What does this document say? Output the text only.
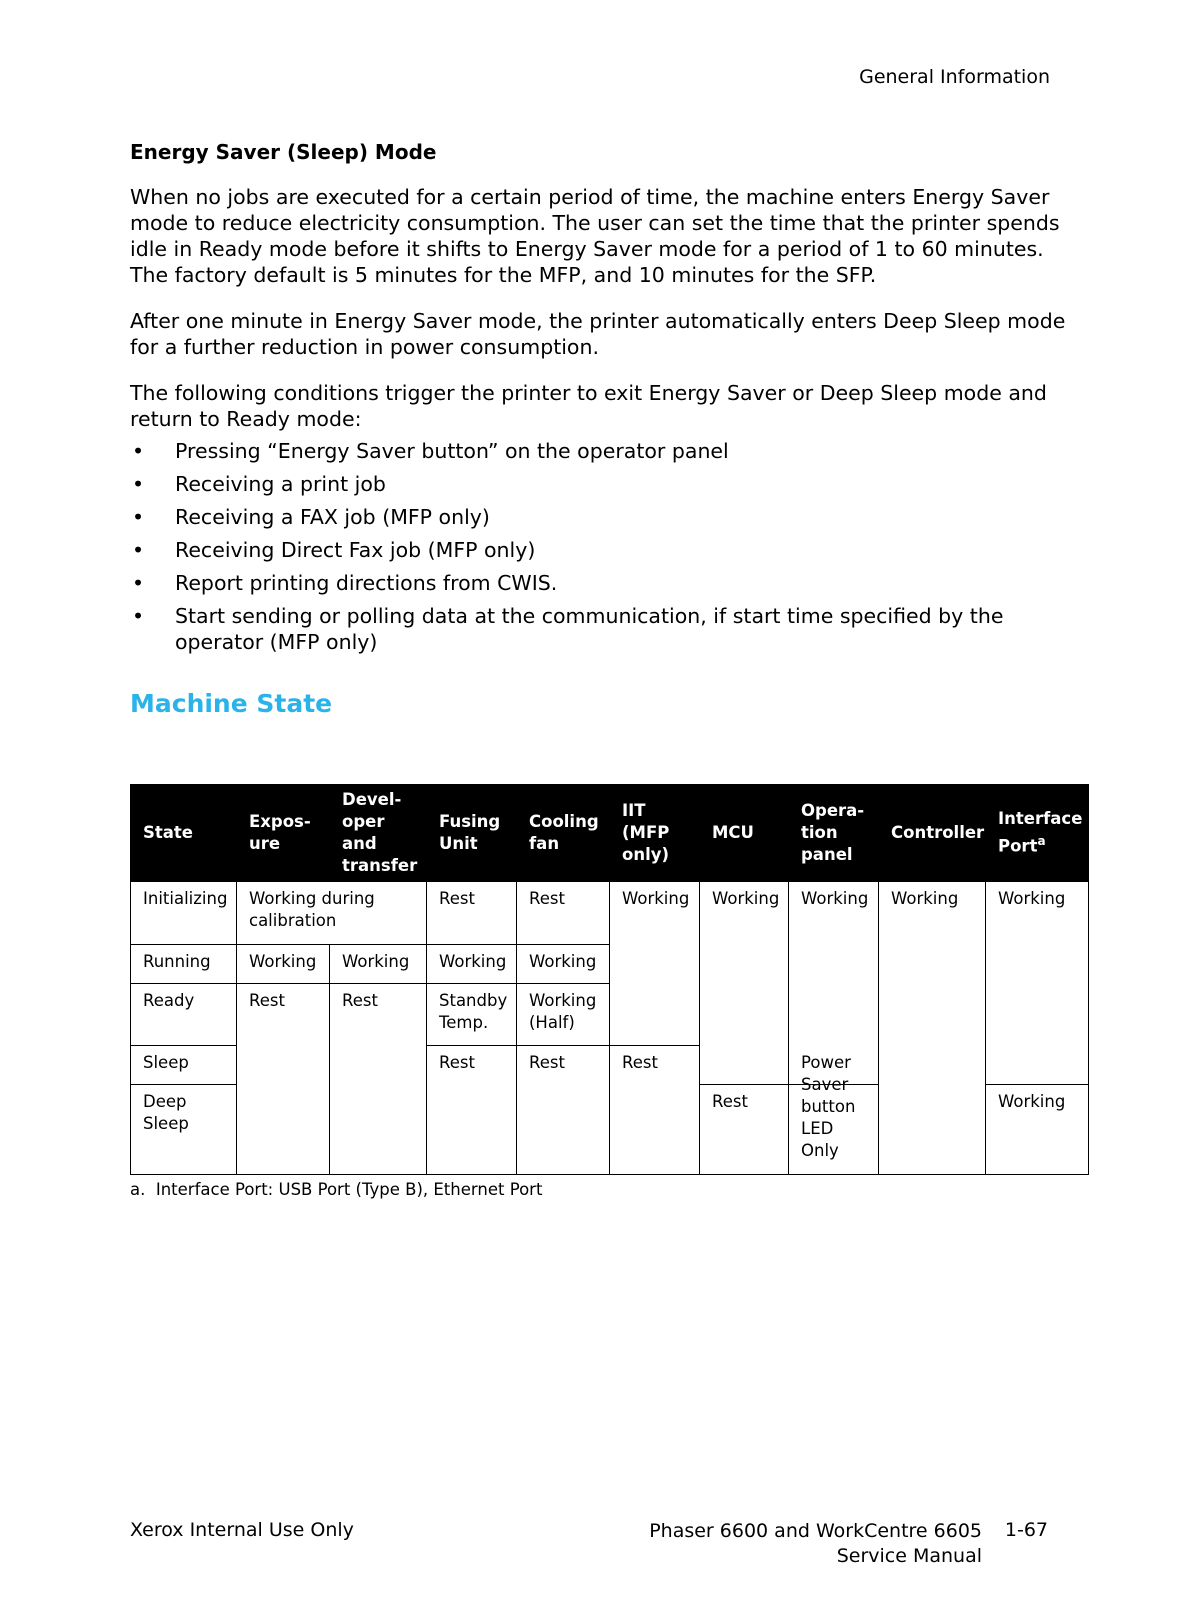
General Information
Energy Saver (Sleep) Mode

When no jobs are executed for a certain period of time, the machine enters Energy Saver mode to reduce electricity consumption. The user can set the time that the printer spends idle in Ready mode before it shifts to Energy Saver mode for a period of 1 to 60 minutes. The factory default is 5 minutes for the MFP, and 10 minutes for the SFP.

After one minute in Energy Saver mode, the printer automatically enters Deep Sleep mode for a further reduction in power consumption.

The following conditions trigger the printer to exit Energy Saver or Deep Sleep mode and return to Ready mode:

• Pressing “Energy Saver button” on the operator panel
• Receiving a print job
• Receiving a FAX job (MFP only)
• Receiving Direct Fax job (MFP only)
• Report printing directions from CWIS.
• Start sending or polling data at the communication, if start time specified by the operator (MFP only)
Machine State
State	Expos- ure	Devel- oper and transfer	Fusing Unit	Cooling fan	IIT (MFP only)	MCU	Opera- tion panel	Controller	Interface Port$^a$
Initializing	Working during calibration		Rest	Rest	Working	Working	Working	Working	Working
Running	Working	Working	Working	Working					
Ready	Rest	Rest	Standby Temp.	Working (Half)					
Sleep			Rest	Rest	Rest				
Deep Sleep						Rest	Power Saver button LED Only		Working
a. Interface Port: USB Port (Type B), Ethernet Port
Xerox Internal Use Only	Phaser 6600 and WorkCentre 6605
Service Manual
1-67
